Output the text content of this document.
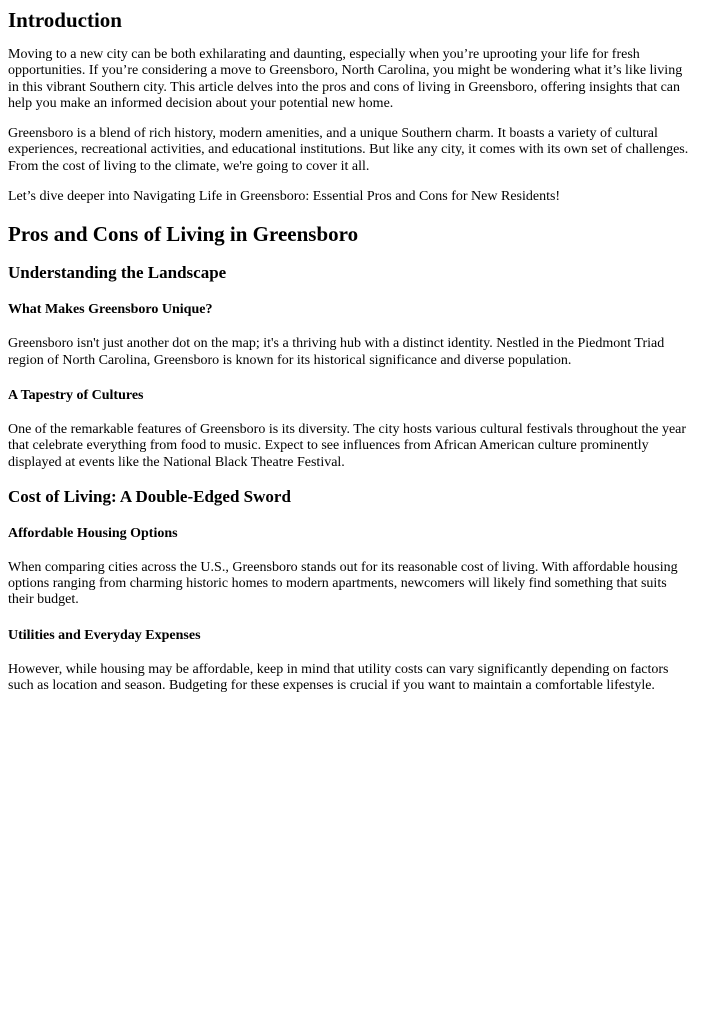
Introduction

Moving to a new city can be both exhilarating and daunting, especially when you’re uprooting your life for fresh
opportunities. If you’re considering a move to Greensboro, North Carolina, you might be wondering what it’s like living
in this vibrant Southern city. This article delves into the pros and cons of living in Greensboro, offering insights that can
help you make an informed decision about your potential new home.

Greensboro is a blend of rich history, modern amenities, and a unique Southern charm. It boasts a variety of cultural
experiences, recreational activities, and educational institutions. But like any city, it comes with its own set of challenges.
From the cost of living to the climate, we're going to cover it all.

Let’s dive deeper into Navigating Life in Greensboro: Essential Pros and Cons for New Residents!

Pros and Cons of Living in Greensboro
Understanding the Landscape
What Makes Greensboro Unique?

Greensboro isn't just another dot on the map; it's a thriving hub with a distinct identity. Nestled in the Piedmont Triad
region of North Carolina, Greensboro is known for its historical significance and diverse population.

A Tapestry of Cultures

One of the remarkable features of Greensboro is its diversity. The city hosts various cultural festivals throughout the year
that celebrate everything from food to music. Expect to see influences from African American culture prominently
displayed at events like the National Black Theatre Festival.

Cost of Living: A Double-Edged Sword
Affordable Housing Options

When comparing cities across the U.S., Greensboro stands out for its reasonable cost of living. With affordable housing
options ranging from charming historic homes to modern apartments, newcomers will likely find something that suits
their budget.

Utilities and Everyday Expenses

However, while housing may be affordable, keep in mind that utility costs can vary significantly depending on factors
such as location and season. Budgeting for these expenses is crucial if you want to maintain a comfortable lifestyle.
